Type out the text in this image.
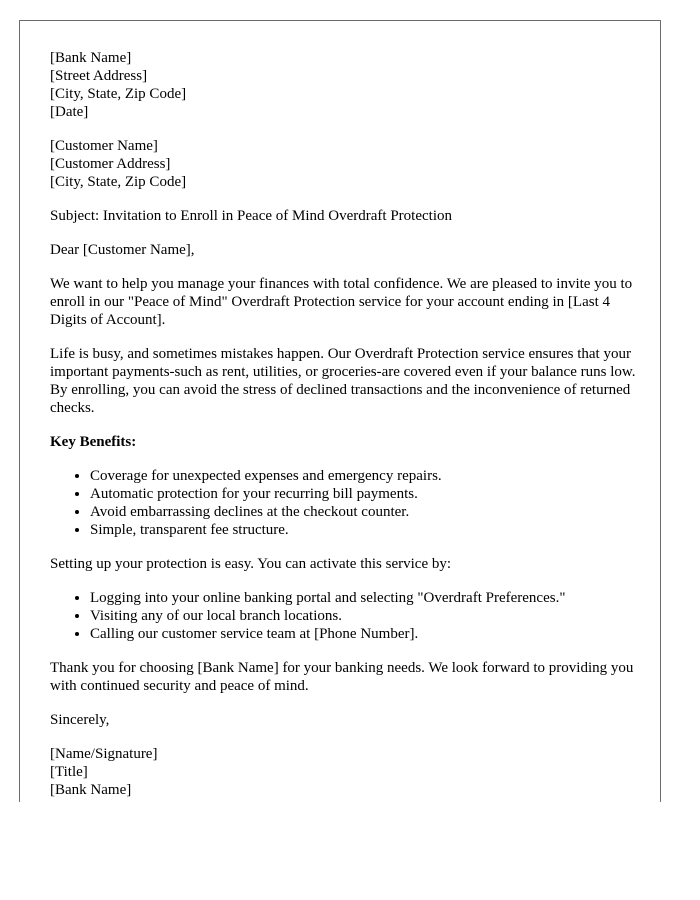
[Bank Name]
[Street Address]
[City, State, Zip Code]
[Date]

[Customer Name]
[Customer Address]
[City, State, Zip Code]

Subject: Invitation to Enroll in Peace of Mind Overdraft Protection

Dear [Customer Name],

We want to help you manage your finances with total confidence. We are pleased to invite you to enroll in our "Peace of Mind" Overdraft Protection service for your account ending in [Last 4 Digits of Account].

Life is busy, and sometimes mistakes happen. Our Overdraft Protection service ensures that your important payments-such as rent, utilities, or groceries-are covered even if your balance runs low. By enrolling, you can avoid the stress of declined transactions and the inconvenience of returned checks.

Key Benefits:

• Coverage for unexpected expenses and emergency repairs.
• Automatic protection for your recurring bill payments.
• Avoid embarrassing declines at the checkout counter.
• Simple, transparent fee structure.

Setting up your protection is easy. You can activate this service by:

• Logging into your online banking portal and selecting "Overdraft Preferences."
• Visiting any of our local branch locations.
• Calling our customer service team at [Phone Number].

Thank you for choosing [Bank Name] for your banking needs. We look forward to providing you with continued security and peace of mind.

Sincerely,

[Name/Signature]
[Title]
[Bank Name]
